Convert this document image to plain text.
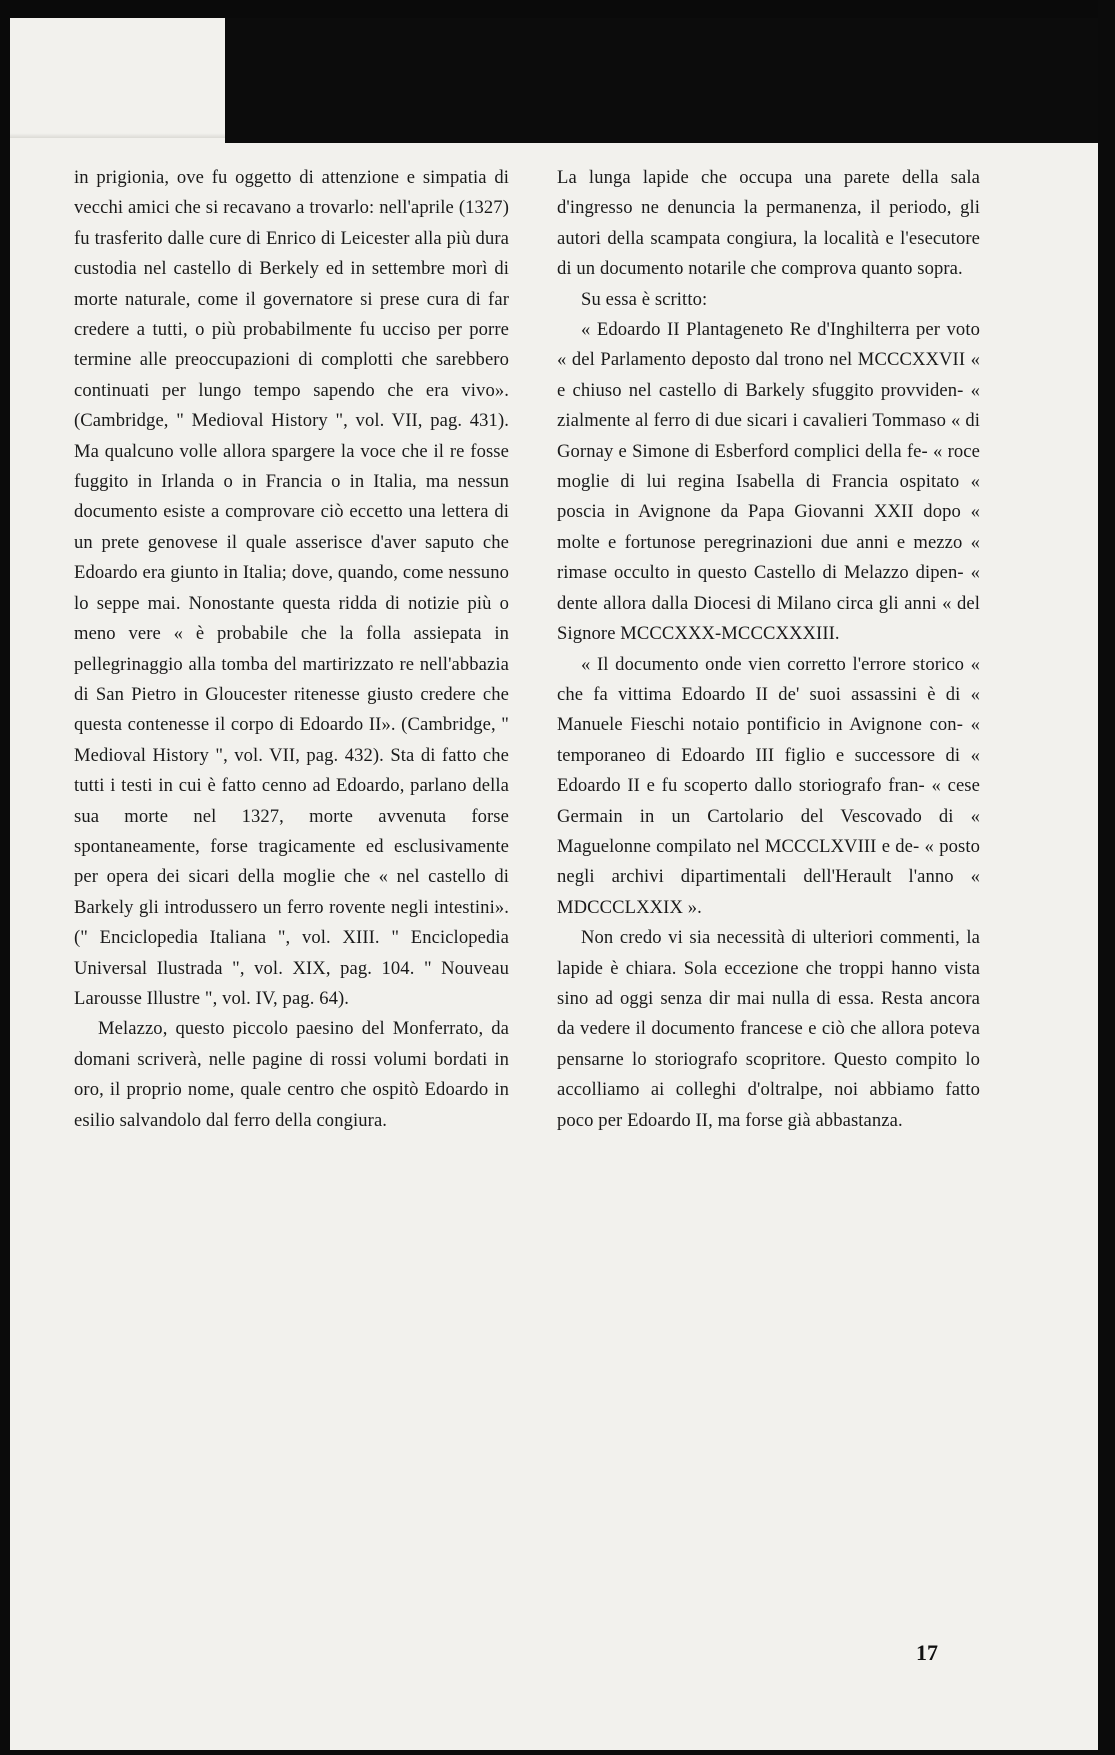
in prigionia, ove fu oggetto di attenzione e simpatia di vecchi amici che si recavano a trovarlo: nell'aprile (1327) fu trasferito dalle cure di Enrico di Leicester alla più dura custodia nel castello di Berkely ed in settembre morì di morte naturale, come il governatore si prese cura di far credere a tutti, o più probabilmente fu ucciso per porre termine alle preoccupazioni di complotti che sarebbero continuati per lungo tempo sapendo che era vivo». (Cambridge, " Medioval History ", vol. VII, pag. 431). Ma qualcuno volle allora spargere la voce che il re fosse fuggito in Irlanda o in Francia o in Italia, ma nessun documento esiste a comprovare ciò eccetto una lettera di un prete genovese il quale asserisce d'aver saputo che Edoardo era giunto in Italia; dove, quando, come nessuno lo seppe mai. Nonostante questa ridda di notizie più o meno vere « è probabile che la folla assiepata in pellegrinaggio alla tomba del martirizzato re nell'abbazia di San Pietro in Gloucester ritenesse giusto credere che questa contenesse il corpo di Edoardo II». (Cambridge, " Medioval History ", vol. VII, pag. 432). Sta di fatto che tutti i testi in cui è fatto cenno ad Edoardo, parlano della sua morte nel 1327, morte avvenuta forse spontaneamente, forse tragicamente ed esclusivamente per opera dei sicari della moglie che « nel castello di Barkely gli introdussero un ferro rovente negli intestini». (" Enciclopedia Italiana ", vol. XIII. " Enciclopedia Universal Ilustrada ", vol. XIX, pag. 104. " Nouveau Larousse Illustre ", vol. IV, pag. 64).

Melazzo, questo piccolo paesino del Monferrato, da domani scriverà, nelle pagine di rossi volumi bordati in oro, il proprio nome, quale centro che ospitò Edoardo in esilio salvandolo dal ferro della congiura.

La lunga lapide che occupa una parete della sala d'ingresso ne denuncia la permanenza, il periodo, gli autori della scampata congiura, la località e l'esecutore di un documento notarile che comprova quanto sopra.

Su essa è scritto:

« Edoardo II Plantageneto Re d'Inghilterra per voto « del Parlamento deposto dal trono nel MCCCXXVII « e chiuso nel castello di Barkely sfuggito provviden- « zialmente al ferro di due sicari i cavalieri Tommaso « di Gornay e Simone di Esberford complici della fe- « roce moglie di lui regina Isabella di Francia ospitato « poscia in Avignone da Papa Giovanni XXII dopo « molte e fortunose peregrinazioni due anni e mezzo « rimase occulto in questo Castello di Melazzo dipen- « dente allora dalla Diocesi di Milano circa gli anni « del Signore MCCCXXX-MCCCXXXIII.

« Il documento onde vien corretto l'errore storico « che fa vittima Edoardo II de' suoi assassini è di « Manuele Fieschi notaio pontificio in Avignone con- « temporaneo di Edoardo III figlio e successore di « Edoardo II e fu scoperto dallo storiografo fran- « cese Germain in un Cartolario del Vescovado di « Maguelonne compilato nel MCCCLXVIII e de- « posto negli archivi dipartimentali dell'Herault l'anno « MDCCCLXXIX ».

Non credo vi sia necessità di ulteriori commenti, la lapide è chiara. Sola eccezione che troppi hanno vista sino ad oggi senza dir mai nulla di essa. Resta ancora da vedere il documento francese e ciò che allora poteva pensarne lo storiografo scopritore. Questo compito lo accolliamo ai colleghi d'oltralpe, noi abbiamo fatto poco per Edoardo II, ma forse già abbastanza.

17
